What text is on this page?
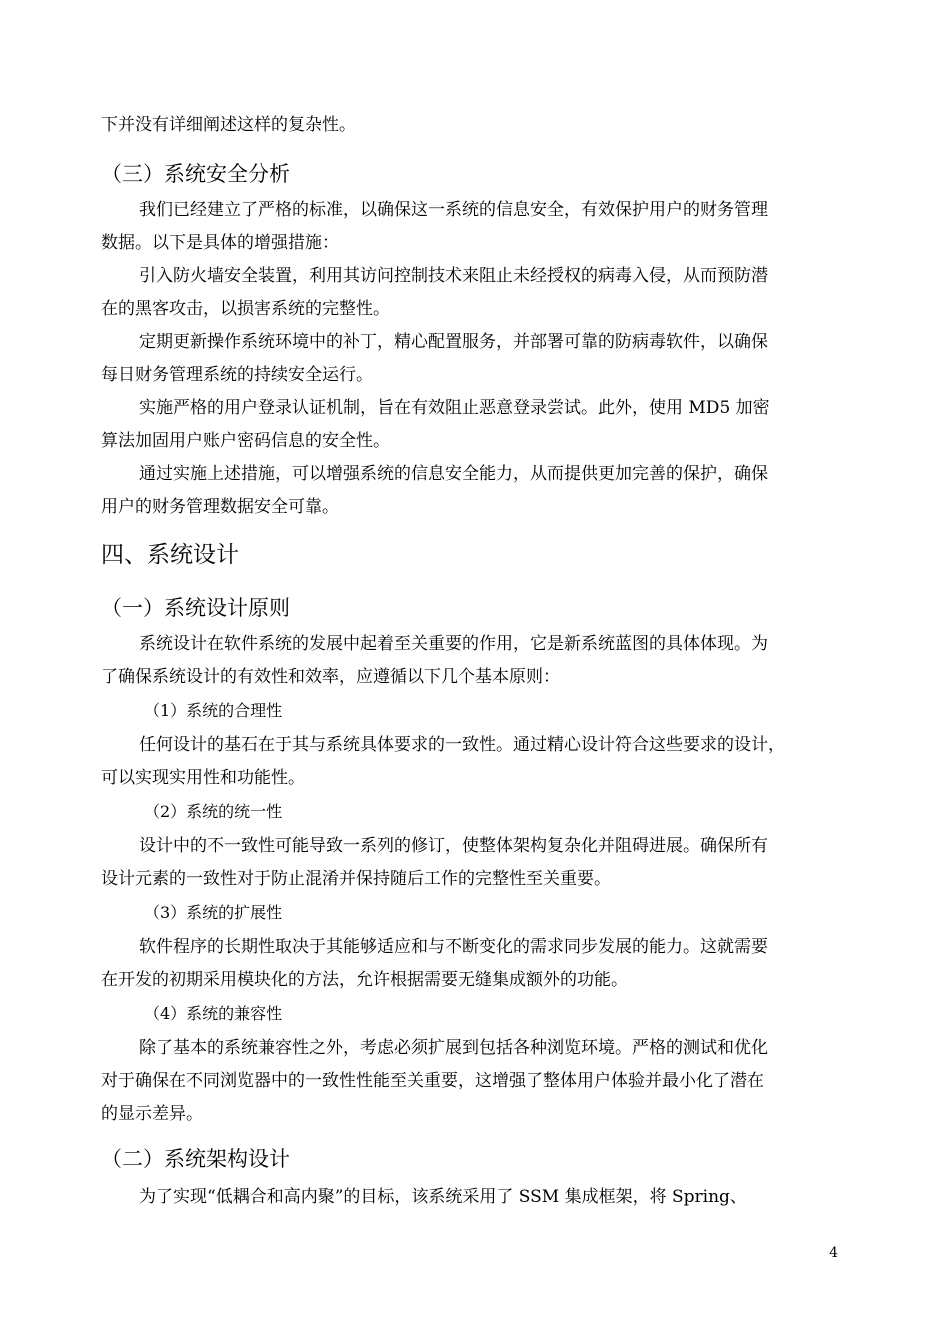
下并没有详细阐述这样的复杂性。
（三）系统安全分析
我们已经建立了严格的标准，以确保这一系统的信息安全，有效保护用户的财务管理
数据。以下是具体的增强措施：
引入防火墙安全装置，利用其访问控制技术来阻止未经授权的病毒入侵，从而预防潜
在的黑客攻击，以损害系统的完整性。
定期更新操作系统环境中的补丁，精心配置服务，并部署可靠的防病毒软件，以确保
每日财务管理系统的持续安全运行。
实施严格的用户登录认证机制，旨在有效阻止恶意登录尝试。此外，使用 MD5 加密
算法加固用户账户密码信息的安全性。
通过实施上述措施，可以增强系统的信息安全能力，从而提供更加完善的保护，确保
用户的财务管理数据安全可靠。
四、系统设计
（一）系统设计原则
系统设计在软件系统的发展中起着至关重要的作用，它是新系统蓝图的具体体现。为
了确保系统设计的有效性和效率，应遵循以下几个基本原则：
（1）系统的合理性
任何设计的基石在于其与系统具体要求的一致性。通过精心设计符合这些要求的设计，
可以实现实用性和功能性。
（2）系统的统一性
设计中的不一致性可能导致一系列的修订，使整体架构复杂化并阻碍进展。确保所有
设计元素的一致性对于防止混淆并保持随后工作的完整性至关重要。
（3）系统的扩展性
软件程序的长期性取决于其能够适应和与不断变化的需求同步发展的能力。这就需要
在开发的初期采用模块化的方法，允许根据需要无缝集成额外的功能。
（4）系统的兼容性
除了基本的系统兼容性之外，考虑必须扩展到包括各种浏览环境。严格的测试和优化
对于确保在不同浏览器中的一致性性能至关重要，这增强了整体用户体验并最小化了潜在
的显示差异。
（二）系统架构设计
为了实现“低耦合和高内聚”的目标，该系统采用了 SSM 集成框架，将 Spring、
4
